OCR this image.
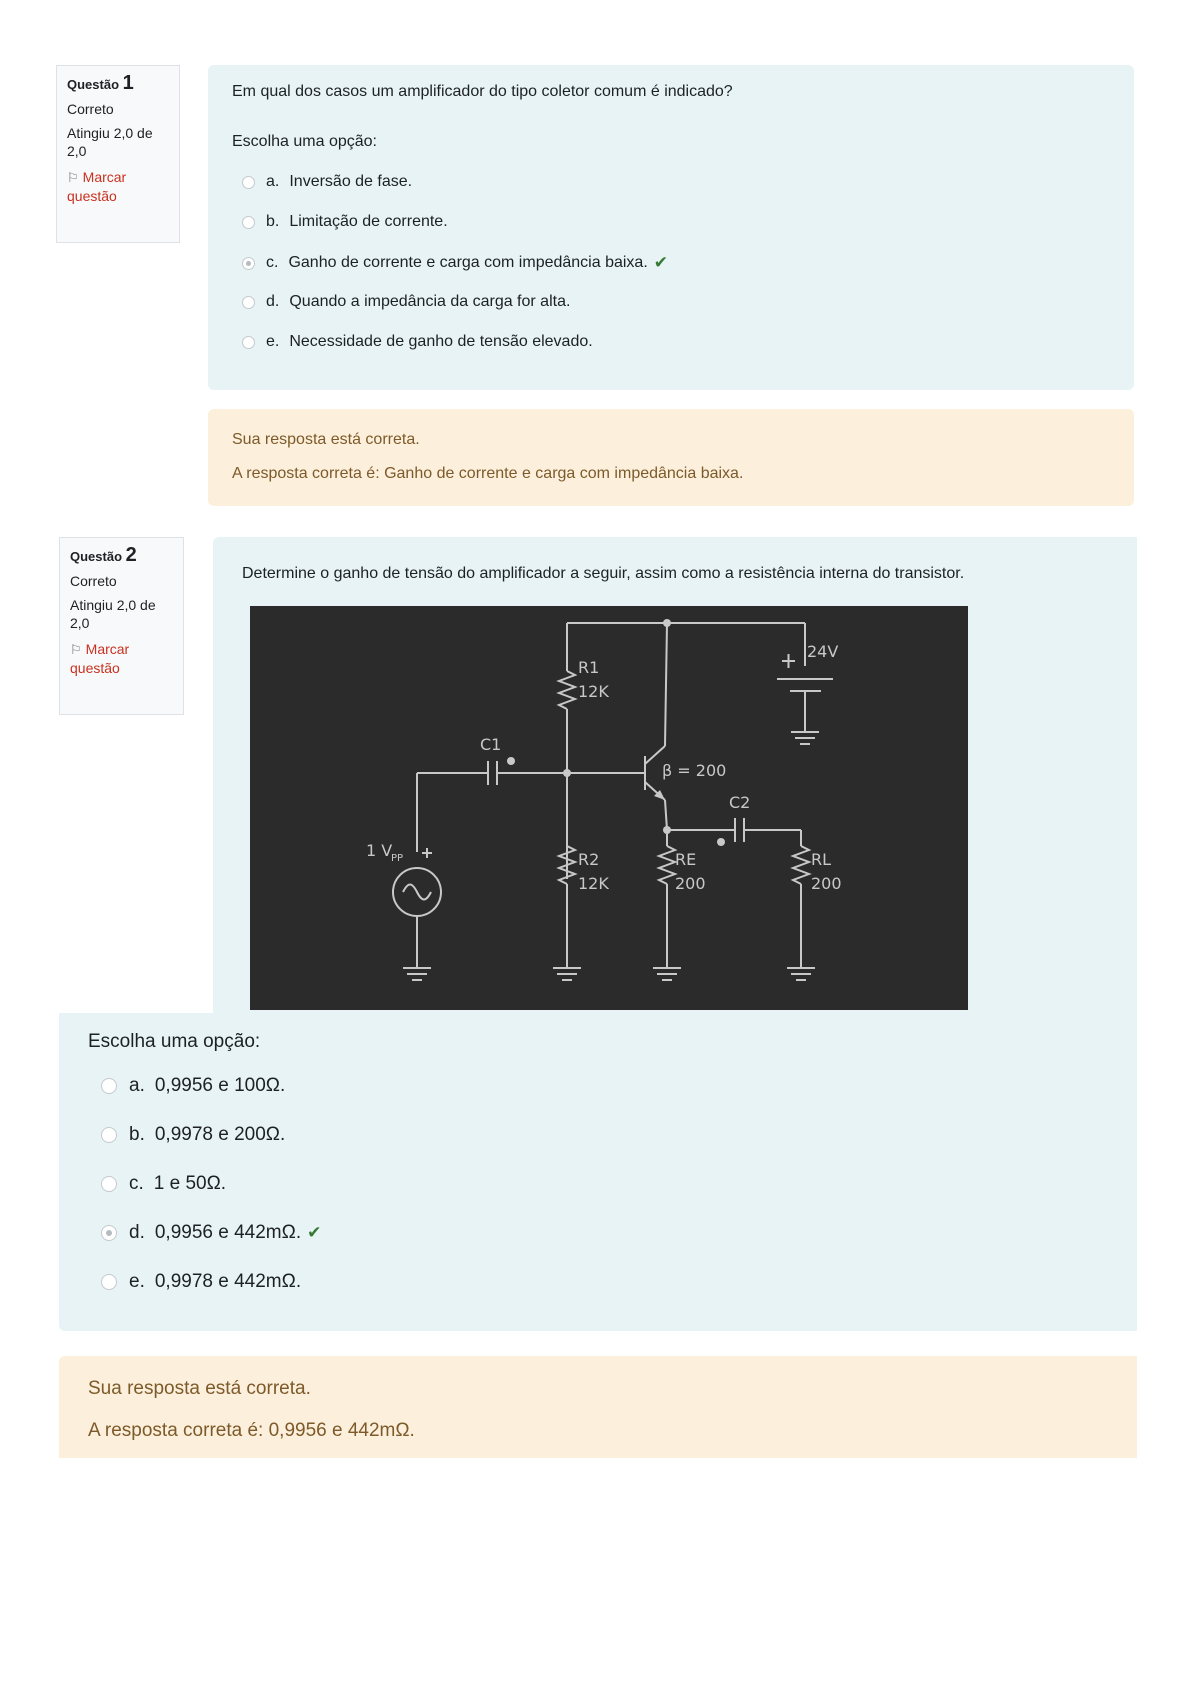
Questão 1
Correto
Atingiu 2,0 de 2,0
⚐ Marcar questão
Em qual dos casos um amplificador do tipo coletor comum é indicado?
Escolha uma opção:
a. Inversão de fase.
b. Limitação de corrente.
c. Ganho de corrente e carga com impedância baixa. ✔
d. Quando a impedância da carga for alta.
e. Necessidade de ganho de tensão elevado.
Sua resposta está correta.
A resposta correta é: Ganho de corrente e carga com impedância baixa.
Questão 2
Correto
Atingiu 2,0 de 2,0
⚐ Marcar questão
Determine o ganho de tensão do amplificador a seguir, assim como a resistência interna do transistor.
R1
12K
R2
12K
RE
200
RL
200
C1
C2
24V
β = 200
1 V
PP
Escolha uma opção:
a. 0,9956 e 100Ω.
b. 0,9978 e 200Ω.
c. 1 e 50Ω.
d. 0,9956 e 442mΩ. ✔
e. 0,9978 e 442mΩ.
Sua resposta está correta.
A resposta correta é: 0,9956 e 442mΩ.
